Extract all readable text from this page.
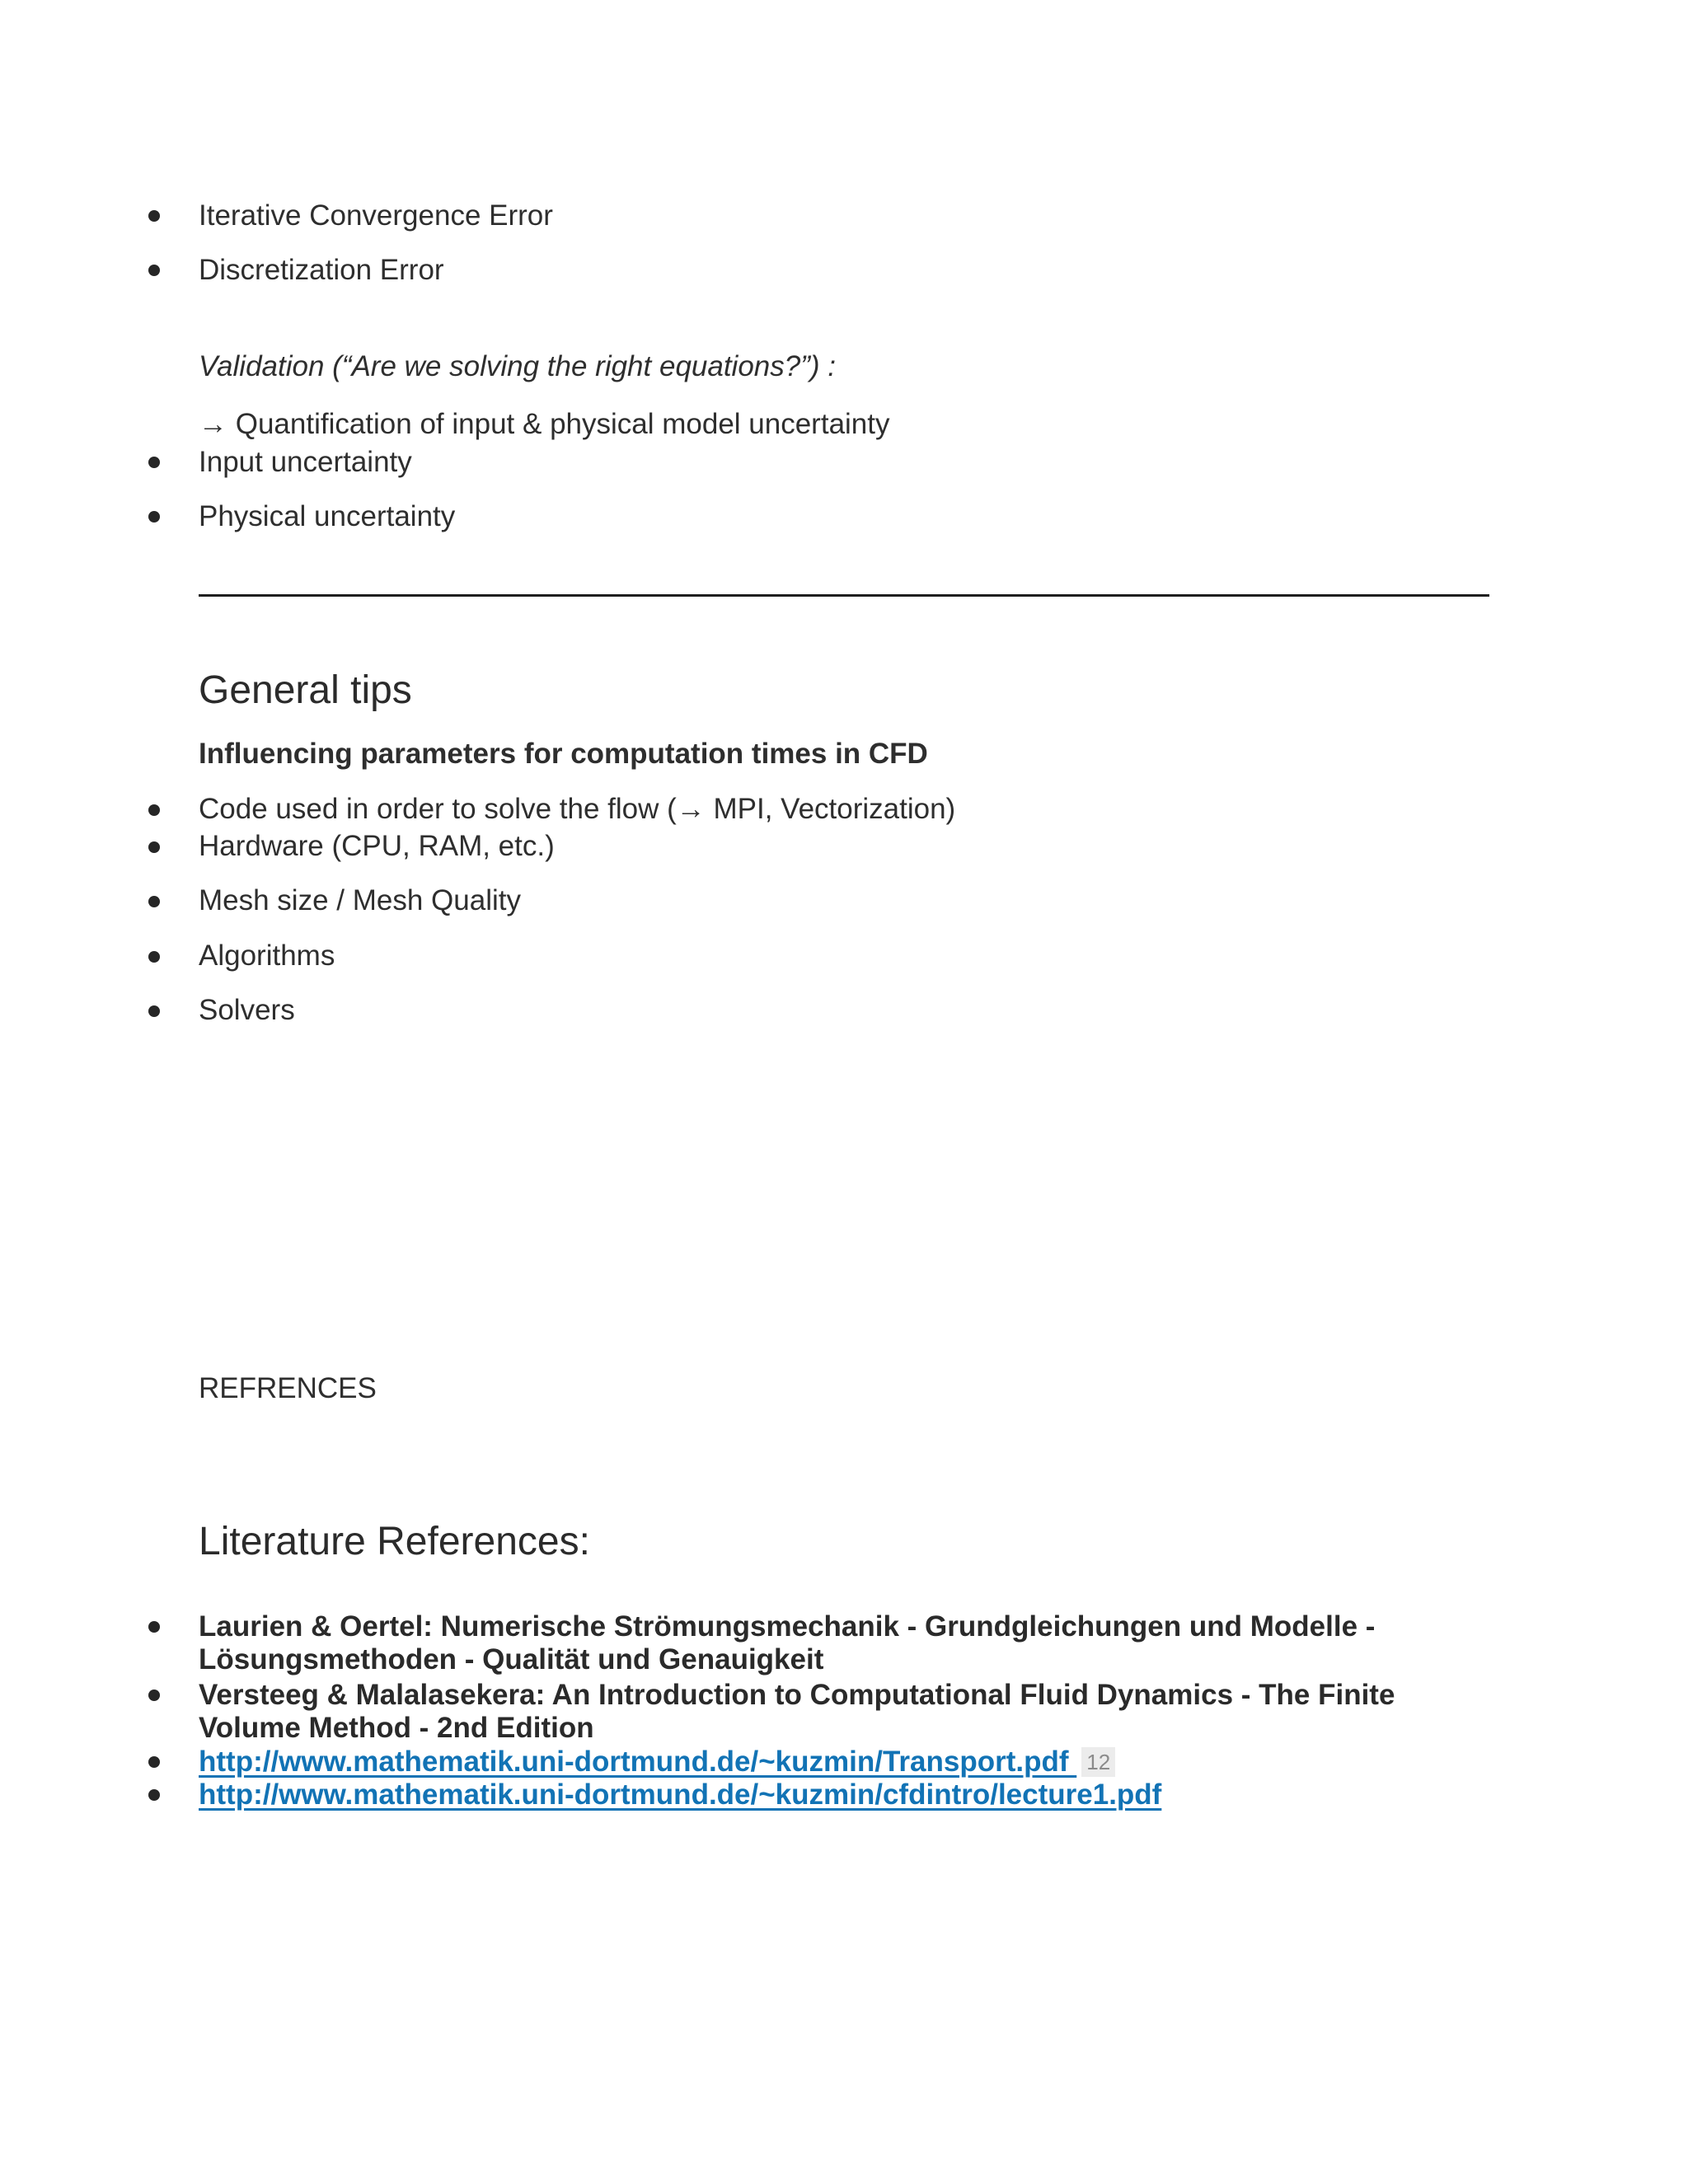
Iterative Convergence Error
Discretization Error
Validation (“Are we solving the right equations?”) :
→ Quantification of input & physical model uncertainty
Input uncertainty
Physical uncertainty
General tips
Influencing parameters for computation times in CFD
Code used in order to solve the flow (→ MPI, Vectorization)
Hardware (CPU, RAM, etc.)
Mesh size / Mesh Quality
Algorithms
Solvers
REFRENCES
Literature References:
Laurien & Oertel: Numerische Strömungsmechanik - Grundgleichungen und Modelle -
Lösungsmethoden - Qualität und Genauigkeit
Versteeg & Malalasekera: An Introduction to Computational Fluid Dynamics - The Finite
Volume Method - 2nd Edition
http://www.mathematik.uni-dortmund.de/~kuzmin/Transport.pdf 12
http://www.mathematik.uni-dortmund.de/~kuzmin/cfdintro/lecture1.pdf
